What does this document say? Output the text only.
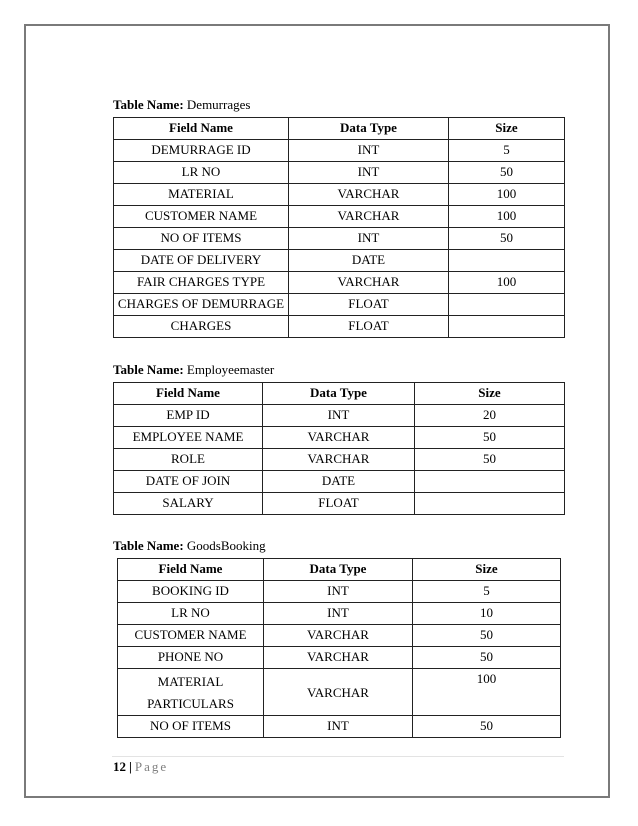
Table Name: Demurrages
Field Name	Data Type	Size
DEMURRAGE ID	INT	5
LR NO	INT	50
MATERIAL	VARCHAR	100
CUSTOMER NAME	VARCHAR	100
NO OF ITEMS	INT	50
DATE OF DELIVERY	DATE	
FAIR CHARGES TYPE	VARCHAR	100
CHARGES OF DEMURRAGE	FLOAT	
CHARGES	FLOAT	
Table Name: Employeemaster
Field Name	Data Type	Size
EMP ID	INT	20
EMPLOYEE NAME	VARCHAR	50
ROLE	VARCHAR	50
DATE OF JOIN	DATE	
SALARY	FLOAT	
Table Name: GoodsBooking
Field Name	Data Type	Size
BOOKING ID	INT	5
LR NO	INT	10
CUSTOMER NAME	VARCHAR	50
PHONE NO	VARCHAR	50

MATERIAL
PARTICULARS	VARCHAR	100
NO OF ITEMS	INT	50
12 | Page
